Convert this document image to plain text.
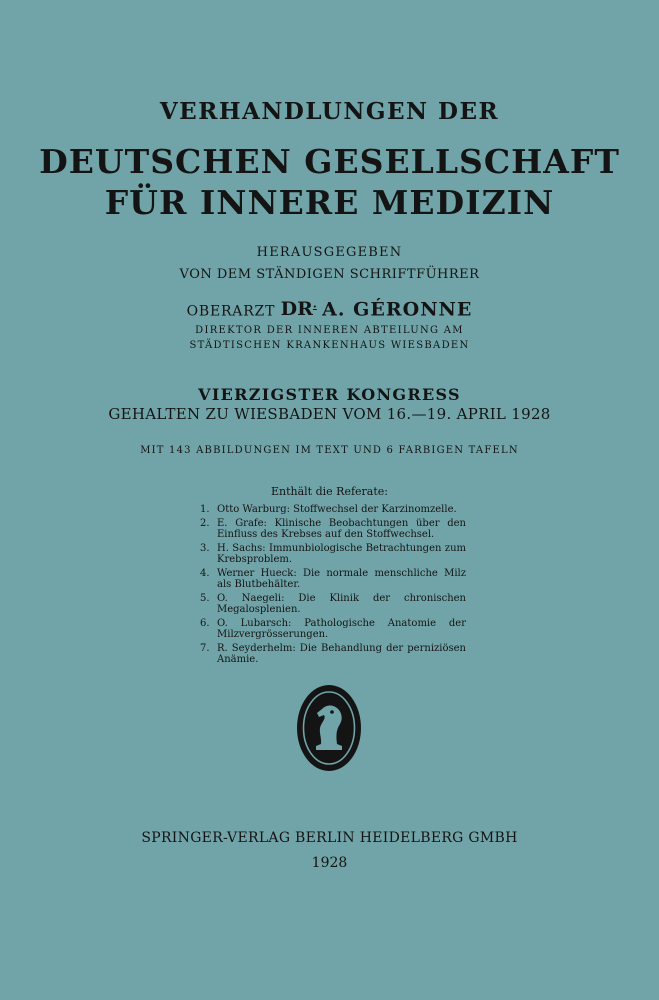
VERHANDLUNGEN DER
DEUTSCHEN GESELLSCHAFT
FÜR INNERE MEDIZIN
HERAUSGEGEBEN
VON DEM STÄNDIGEN SCHRIFTFÜHRER
OBERARZT DR. A. GÉRONNE
DIREKTOR DER INNEREN ABTEILUNG AM
STÄDTISCHEN KRANKENHAUS WIESBADEN
VIERZIGSTER KONGRESS
GEHALTEN ZU WIESBADEN VOM 16.—19. APRIL 1928
MIT 143 ABBILDUNGEN IM TEXT UND 6 FARBIGEN TAFELN
Enthält die Referate:
1. Otto Warburg: Stoffwechsel der Karzinomzelle.
2. E. Grafe: Klinische Beobachtungen über den Einfluss des Krebses auf den Stoffwechsel.
3. H. Sachs: Immunbiologische Betrachtungen zum Krebsproblem.
4. Werner Hueck: Die normale menschliche Milz als Blutbehälter.
5. O. Naegeli: Die Klinik der chronischen Megalosplenien.
6. O. Lubarsch: Pathologische Anatomie der Milzvergrösserungen.
7. R. Seyderhelm: Die Behandlung der perniziösen Anämie.
SPRINGER-VERLAG BERLIN HEIDELBERG GMBH
1928
